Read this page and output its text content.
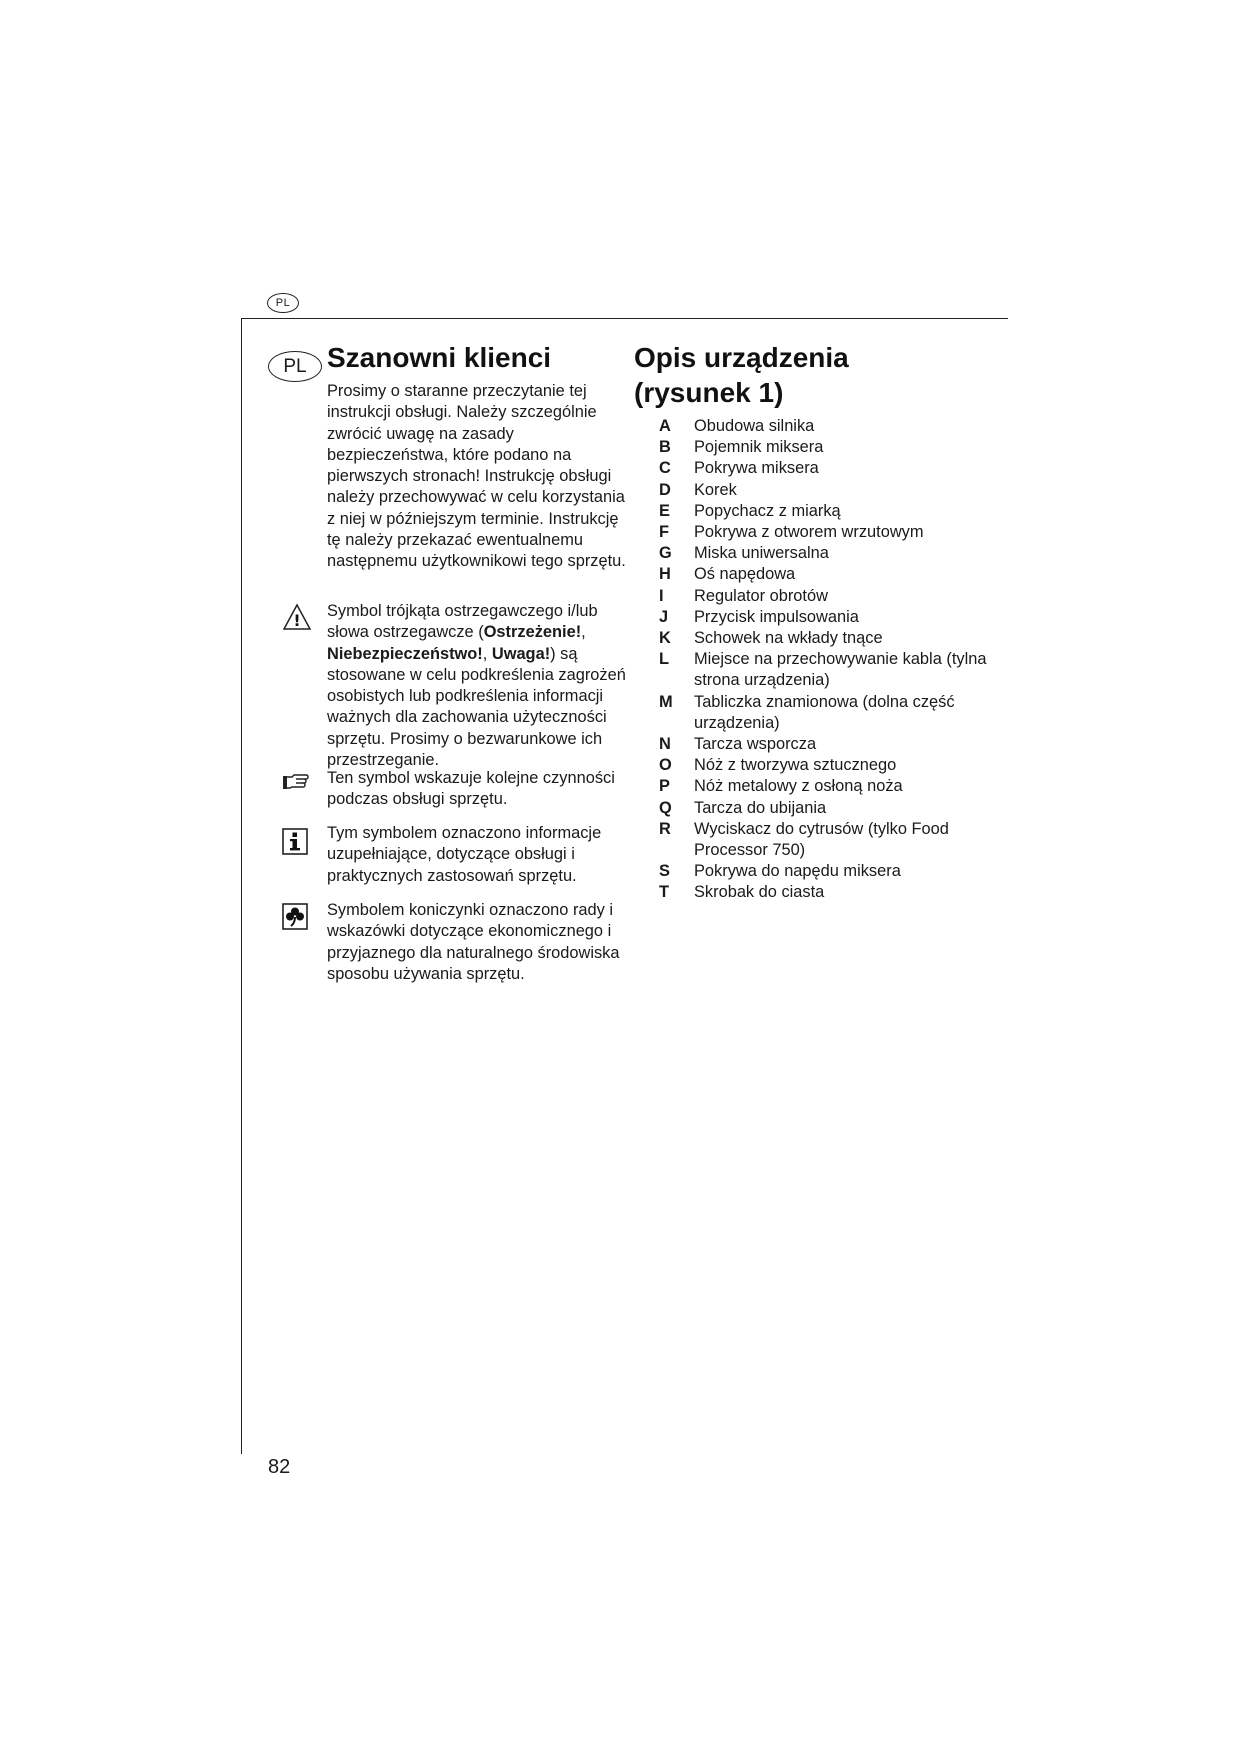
PL
PL Szanowni klienci

Prosimy o staranne przeczytanie tej instrukcji obsługi. Należy szczególnie zwrócić uwagę na zasady bezpieczeństwa, które podano na pierwszych stronach! Instrukcję obsługi należy przechowywać w celu korzystania z niej w późniejszym terminie. Instrukcję tę należy przekazać ewentualnemu następnemu użytkownikowi tego sprzętu.

! Symbol trójkąta ostrzegawczego i/lub słowa ostrzegawcze (Ostrzeżenie!, Niebezpieczeństwo!, Uwaga!) są stosowane w celu podkreślenia zagrożeń osobistych lub podkreślenia informacji ważnych dla zachowania użyteczności sprzętu. Prosimy o bezwarunkowe ich przestrzeganie.

Ten symbol wskazuje kolejne czynności podczas obsługi sprzętu.

Tym symbolem oznaczono informacje uzupełniające, dotyczące obsługi i praktycznych zastosowań sprzętu.

Symbolem koniczynki oznaczono rady i wskazówki dotyczące ekonomicznego i przyjaznego dla naturalnego środowiska sposobu używania sprzętu.

Opis urządzenia
(rysunek 1)
A	Obudowa silnika
B	Pojemnik miksera
C	Pokrywa miksera
D	Korek
E	Popychacz z miarką
F	Pokrywa z otworem wrzutowym
G	Miska uniwersalna
H	Oś napędowa
I	Regulator obrotów
J	Przycisk impulsowania
K	Schowek na wkłady tnące
L	Miejsce na przechowywanie kabla (tylna strona urządzenia)
M	Tabliczka znamionowa (dolna część urządzenia)
N	Tarcza wsporcza
O	Nóż z tworzywa sztucznego
P	Nóż metalowy z osłoną noża
Q	Tarcza do ubijania
R	Wyciskacz do cytrusów (tylko Food Processor 750)
S	Pokrywa do napędu miksera
T	Skrobak do ciasta
82
